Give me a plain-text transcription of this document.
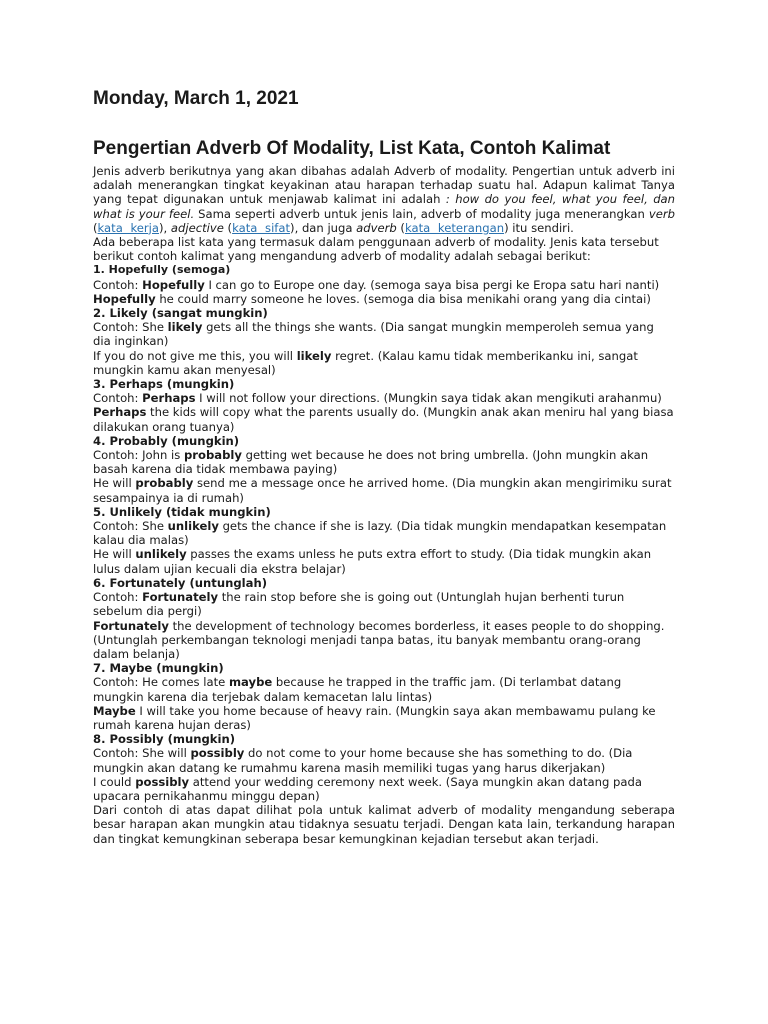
Monday, March 1, 2021
Pengertian Adverb Of Modality, List Kata, Contoh Kalimat

Jenis adverb berikutnya yang akan dibahas adalah Adverb of modality. Pengertian untuk adverb ini adalah menerangkan tingkat keyakinan atau harapan terhadap suatu hal. Adapun kalimat Tanya yang tepat digunakan untuk menjawab kalimat ini adalah : how do you feel, what you feel, dan what is your feel. Sama seperti adverb untuk jenis lain, adverb of modality juga menerangkan verb (kata kerja), adjective (kata sifat), dan juga adverb (kata keterangan) itu sendiri.

Ada beberapa list kata yang termasuk dalam penggunaan adverb of modality. Jenis kata tersebut berikut contoh kalimat yang mengandung adverb of modality adalah sebagai berikut:

1. Hopefully (semoga)
Contoh: Hopefully I can go to Europe one day. (semoga saya bisa pergi ke Eropa satu hari nanti)
Hopefully he could marry someone he loves. (semoga dia bisa menikahi orang yang dia cintai)
2. Likely (sangat mungkin)
Contoh: She likely gets all the things she wants. (Dia sangat mungkin memperoleh semua yang dia inginkan)
If you do not give me this, you will likely regret. (Kalau kamu tidak memberikanku ini, sangat mungkin kamu akan menyesal)
3. Perhaps (mungkin)
Contoh: Perhaps I will not follow your directions. (Mungkin saya tidak akan mengikuti arahanmu)
Perhaps the kids will copy what the parents usually do. (Mungkin anak akan meniru hal yang biasa dilakukan orang tuanya)
4. Probably (mungkin)
Contoh: John is probably getting wet because he does not bring umbrella. (John mungkin akan basah karena dia tidak membawa paying)
He will probably send me a message once he arrived home. (Dia mungkin akan mengirimiku surat sesampainya ia di rumah)
5. Unlikely (tidak mungkin)
Contoh: She unlikely gets the chance if she is lazy. (Dia tidak mungkin mendapatkan kesempatan kalau dia malas)
He will unlikely passes the exams unless he puts extra effort to study. (Dia tidak mungkin akan lulus dalam ujian kecuali dia ekstra belajar)
6. Fortunately (untunglah)
Contoh: Fortunately the rain stop before she is going out (Untunglah hujan berhenti turun sebelum dia pergi)
Fortunately the development of technology becomes borderless, it eases people to do shopping. (Untunglah perkembangan teknologi menjadi tanpa batas, itu banyak membantu orang-orang dalam belanja)
7. Maybe (mungkin)
Contoh: He comes late maybe because he trapped in the traffic jam. (Di terlambat datang mungkin karena dia terjebak dalam kemacetan lalu lintas)
Maybe I will take you home because of heavy rain. (Mungkin saya akan membawamu pulang ke rumah karena hujan deras)
8. Possibly (mungkin)
Contoh: She will possibly do not come to your home because she has something to do. (Dia mungkin akan datang ke rumahmu karena masih memiliki tugas yang harus dikerjakan)
I could possibly attend your wedding ceremony next week. (Saya mungkin akan datang pada upacara pernikahanmu minggu depan)

Dari contoh di atas dapat dilihat pola untuk kalimat adverb of modality mengandung seberapa besar harapan akan mungkin atau tidaknya sesuatu terjadi. Dengan kata lain, terkandung harapan dan tingkat kemungkinan seberapa besar kemungkinan kejadian tersebut akan terjadi.
